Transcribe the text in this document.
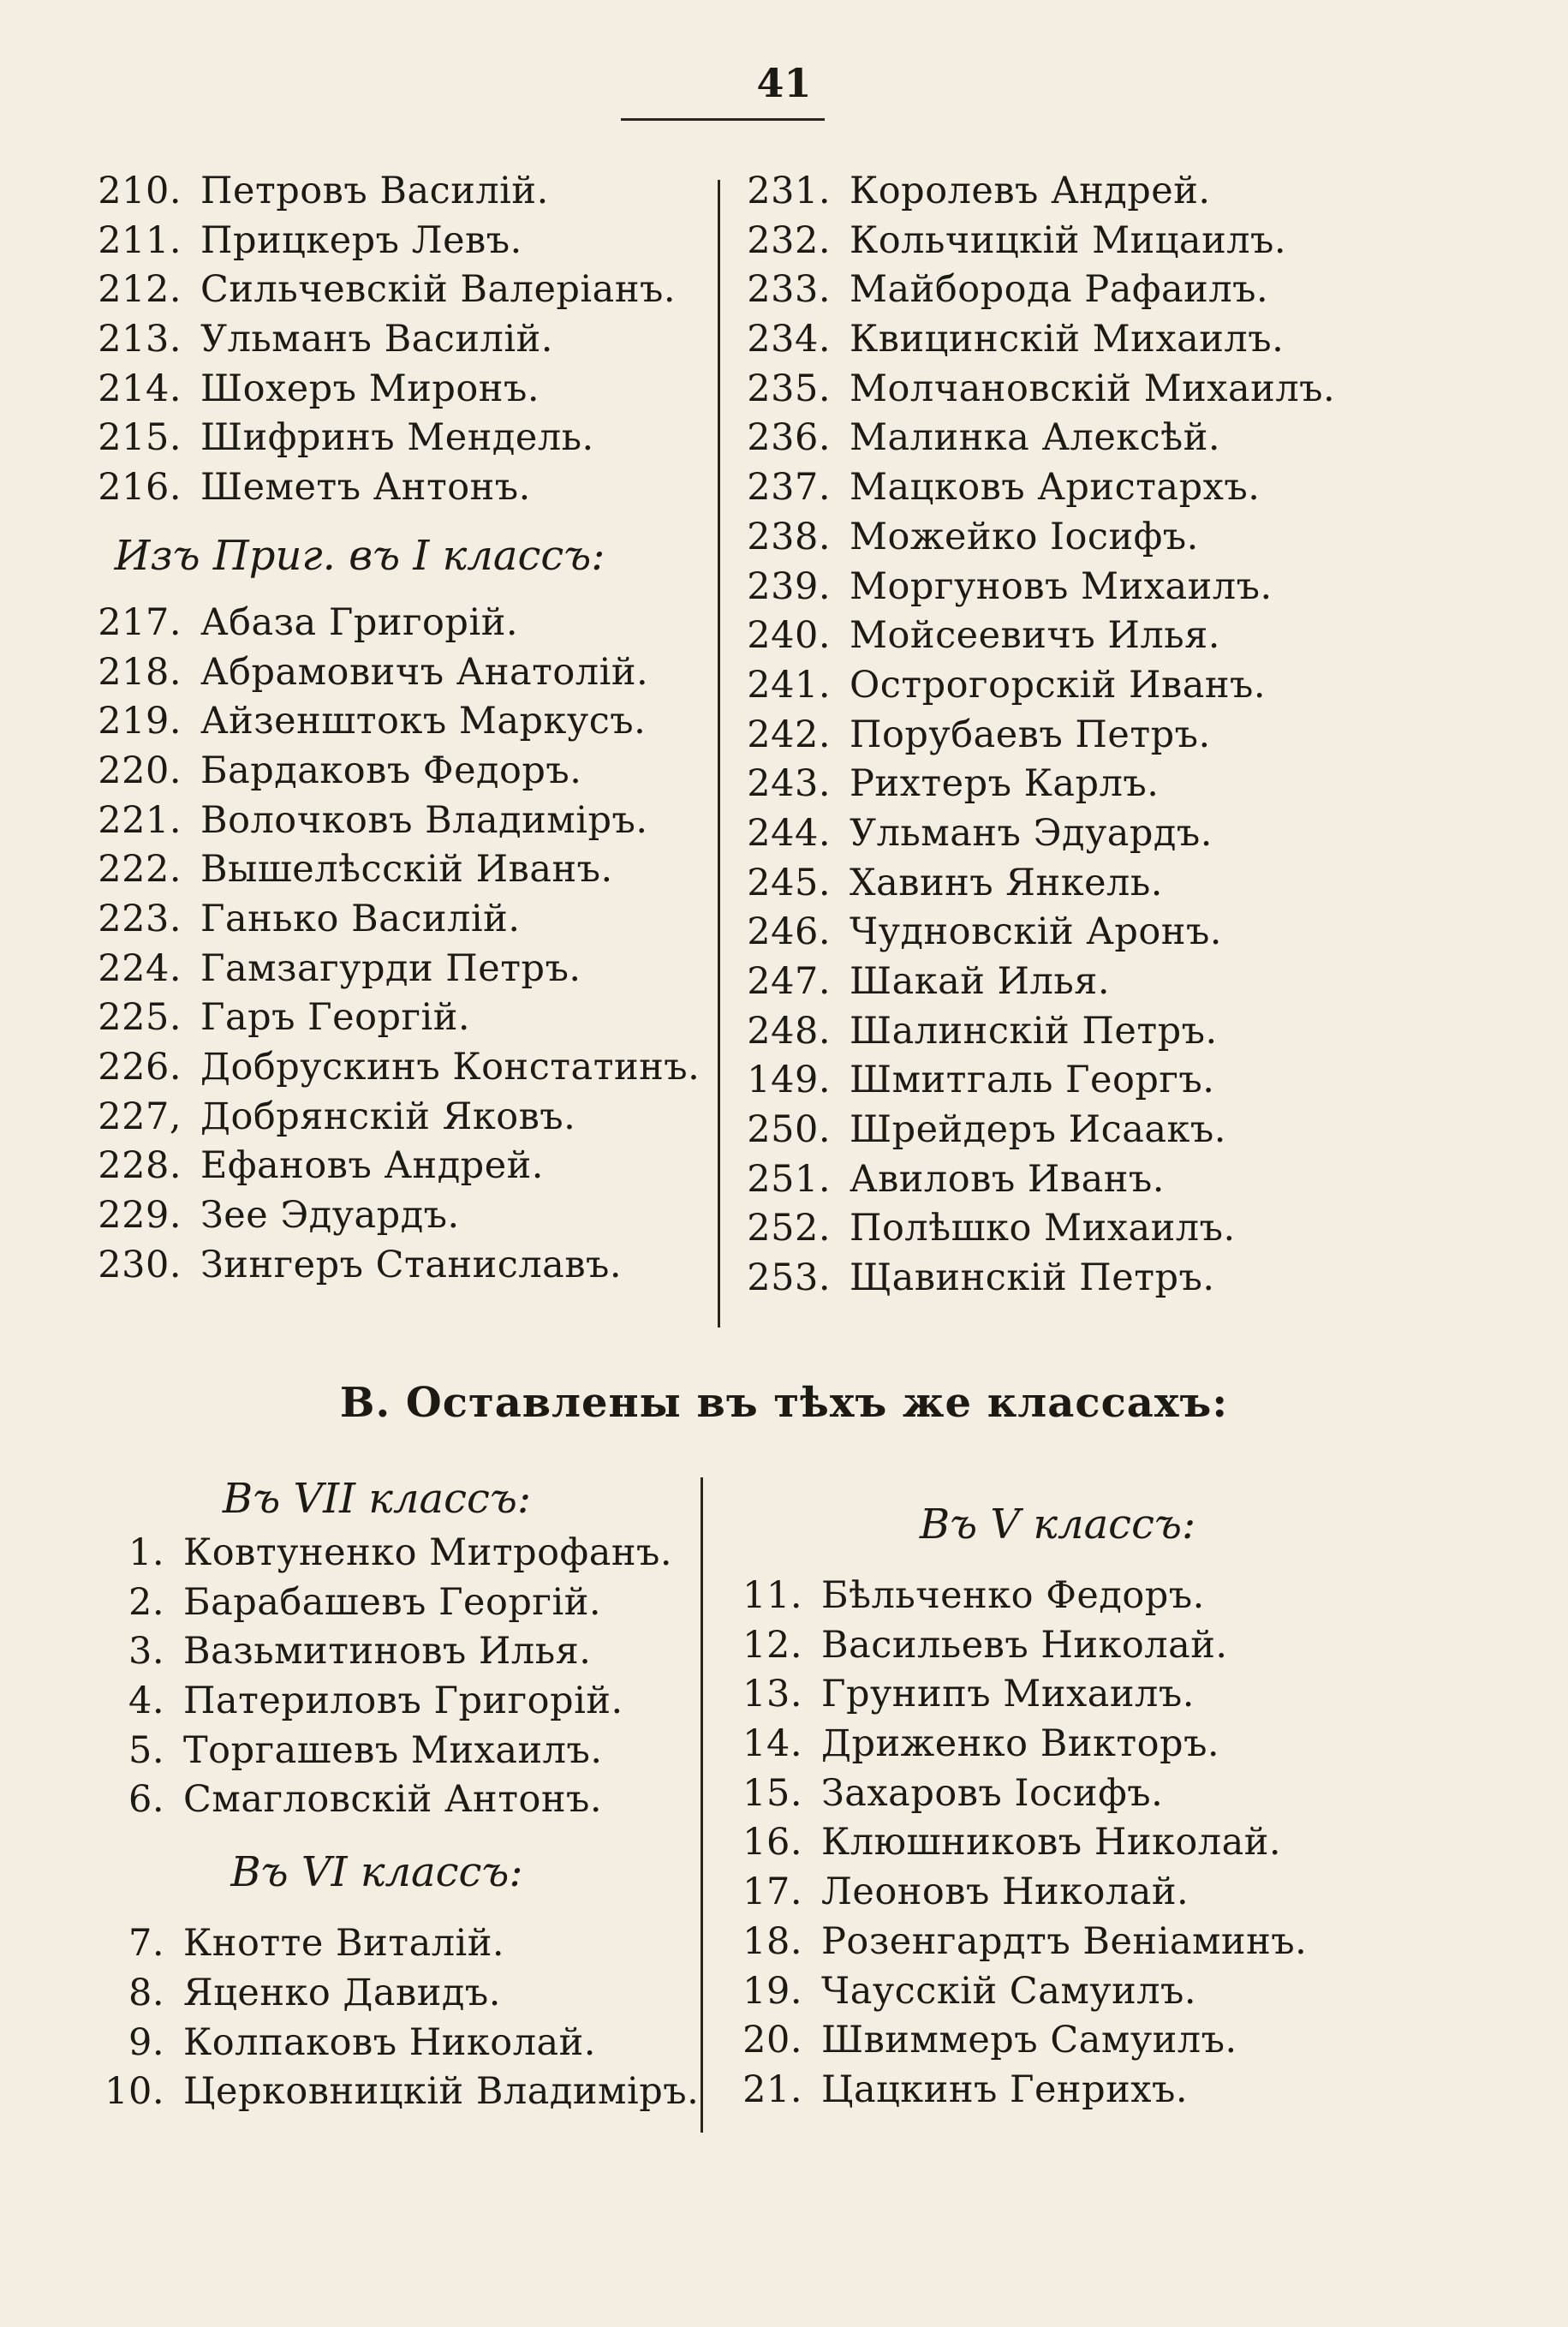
41
210. Петровъ Василій.
211. Прицкеръ Левъ.
212. Сильчевскій Валеріанъ.
213. Ульманъ Василій.
214. Шохеръ Миронъ.
215. Шифринъ Мендель.
216. Шеметъ Антонъ.
Изъ Приг. въ I классъ:
217. Абаза Григорій.
218. Абрамовичъ Анатолій.
219. Айзенштокъ Маркусъ.
220. Бардаковъ Федоръ.
221. Волочковъ Владиміръ.
222. Вышелѣсскій Иванъ.
223. Ганько Василій.
224. Гамзагурди Петръ.
225. Гаръ Георгій.
226. Добрускинъ Констатинъ.
227, Добрянскій Яковъ.
228. Ефановъ Андрей.
229. Зее Эдуардъ.
230. Зингеръ Станиславъ.
231. Королевъ Андрей.
232. Кольчицкій Мицаилъ.
233. Майборода Рафаилъ.
234. Квицинскій Михаилъ.
235. Молчановскій Михаилъ.
236. Малинка Алексѣй.
237. Мацковъ Аристархъ.
238. Можейко Іосифъ.
239. Моргуновъ Михаилъ.
240. Мойсеевичъ Илья.
241. Острогорскій Иванъ.
242. Порубаевъ Петръ.
243. Рихтеръ Карлъ.
244. Ульманъ Эдуардъ.
245. Хавинъ Янкель.
246. Чудновскій Аронъ.
247. Шакай Илья.
248. Шалинскій Петръ.
149. Шмитгаль Георгъ.
250. Шрейдеръ Исаакъ.
251. Авиловъ Иванъ.
252. Полѣшко Михаилъ.
253. Щавинскій Петръ.
В. Оставлены въ тѣхъ же классахъ:
Въ VII классъ:
1. Ковтуненко Митрофанъ.
2. Барабашевъ Георгій.
3. Вазьмитиновъ Илья.
4. Патериловъ Григорій.
5. Торгашевъ Михаилъ.
6. Смагловскій Антонъ.
Въ VI классъ:
7. Кнотте Виталій.
8. Яценко Давидъ.
9. Колпаковъ Николай.
10. Церковницкій Владиміръ.
Въ V классъ:
11. Бѣльченко Федоръ.
12. Васильевъ Николай.
13. Грунипъ Михаилъ.
14. Дриженко Викторъ.
15. Захаровъ Іосифъ.
16. Клюшниковъ Николай.
17. Леоновъ Николай.
18. Розенгардтъ Веніаминъ.
19. Чаусскій Самуилъ.
20. Швиммеръ Самуилъ.
21. Цацкинъ Генрихъ.
